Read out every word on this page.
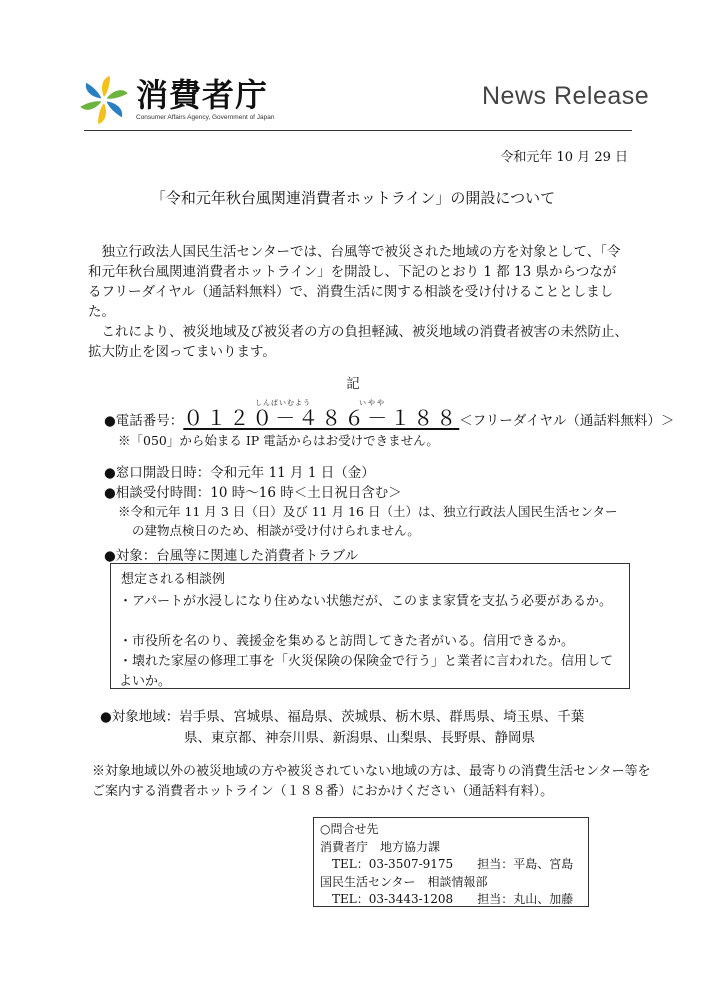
消費者庁
Consumer Affairs Agency, Government of Japan
News Release
令和元年 10 月 29 日
「令和元年秋台風関連消費者ホットライン」の開設について

独立行政法人国民生活センターでは、台風等で被災された地域の方を対象として、「令和元年秋台風関連消費者ホットライン」を開設し、下記のとおり 1 都 13 県からつながるフリーダイヤル（通話料無料）で、消費生活に関する相談を受け付けることとしました。

これにより、被災地域及び被災者の方の負担軽減、被災地域の消費者被害の未然防止、拡大防止を図ってまいります。

記
しんぱいむよう	いやや
●電話番号：０１２０－４８６－１８８＜フリーダイヤル（通話料無料）＞
※「050」から始まる IP 電話からはお受けできません。
●窓口開設日時：令和元年 11 月 1 日（金）
●相談受付時間：10 時～16 時＜土日祝日含む＞
※令和元年 11 月 3 日（日）及び 11 月 16 日（土）は、独立行政法人国民生活センター
の建物点検日のため、相談が受け付けられません。
●対象：台風等に関連した消費者トラブル
想定される相談例
・アパートが水浸しになり住めない状態だが、このまま家賃を支払う必要があるか。
・市役所を名のり、義援金を集めると訪問してきた者がいる。信用できるか。
・壊れた家屋の修理工事を「火災保険の保険金で行う」と業者に言われた。信用してよいか。
●対象地域：岩手県、宮城県、福島県、茨城県、栃木県、群馬県、埼玉県、千葉
県、東京都、神奈川県、新潟県、山梨県、長野県、静岡県
※対象地域以外の被災地域の方や被災されていない地域の方は、最寄りの消費生活センター等をご案内する消費者ホットライン（１８８番）におかけください（通話料有料）。
○問合せ先
消費者庁　地方協力課
TEL：03-3507-9175　　担当：平島、宮島
国民生活センター　相談情報部
TEL：03-3443-1208　　担当：丸山、加藤
